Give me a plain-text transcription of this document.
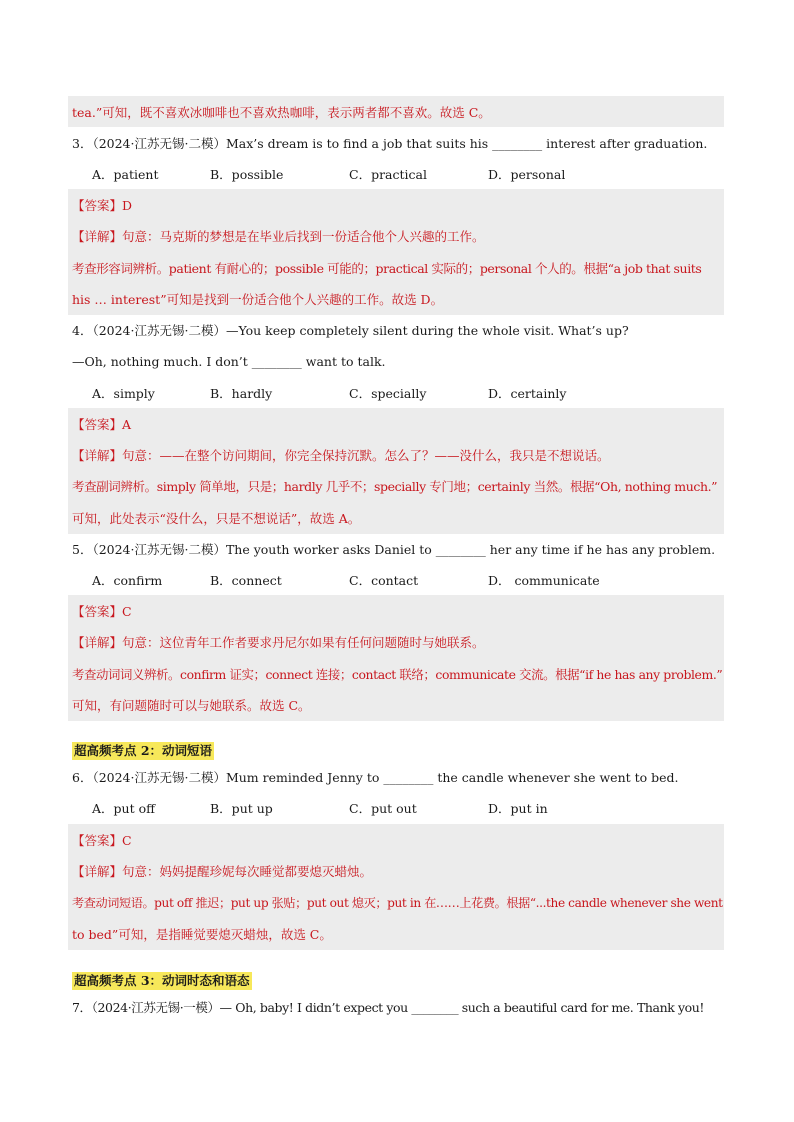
tea.”可知，既不喜欢冰咖啡也不喜欢热咖啡，表示两者都不喜欢。故选 C。
3．（2024·江苏无锡·二模）Max’s dream is to find a job that suits his ________ interest after graduation.
A．patient	B．possible	C．practical	D．personal
【答案】D
【详解】句意：马克斯的梦想是在毕业后找到一份适合他个人兴趣的工作。
考查形容词辨析。patient 有耐心的；possible 可能的；practical 实际的；personal 个人的。根据“a job that suits
his … interest”可知是找到一份适合他个人兴趣的工作。故选 D。
4．（2024·江苏无锡·二模）—You keep completely silent during the whole visit. What’s up?
—Oh, nothing much. I don’t ________ want to talk.
A．simply	B．hardly	C．specially	D．certainly
【答案】A
【详解】句意：——在整个访问期间，你完全保持沉默。怎么了？——没什么，我只是不想说话。
考查副词辨析。simply 简单地，只是；hardly 几乎不；specially 专门地；certainly 当然。根据“Oh, nothing much.”
可知，此处表示“没什么，只是不想说话”，故选 A。
5．（2024·江苏无锡·二模）The youth worker asks Daniel to ________ her any time if he has any problem.
A．confirm	B．connect	C．contact	D． communicate
【答案】C
【详解】句意：这位青年工作者要求丹尼尔如果有任何问题随时与她联系。
考查动词词义辨析。confirm 证实；connect 连接；contact 联络；communicate 交流。根据“if he has any problem.”
可知，有问题随时可以与她联系。故选 C。
超高频考点 2：动词短语
6．（2024·江苏无锡·二模）Mum reminded Jenny to ________ the candle whenever she went to bed.
A．put off	B．put up	C．put out	D．put in
【答案】C
【详解】句意：妈妈提醒珍妮每次睡觉都要熄灭蜡烛。
考查动词短语。put off 推迟；put up 张贴；put out 熄灭；put in 在……上花费。根据“...the candle whenever she went
to bed”可知，是指睡觉要熄灭蜡烛，故选 C。
超高频考点 3：动词时态和语态
7．（2024·江苏无锡·一模）— Oh, baby! I didn’t expect you ________ such a beautiful card for me. Thank you!
